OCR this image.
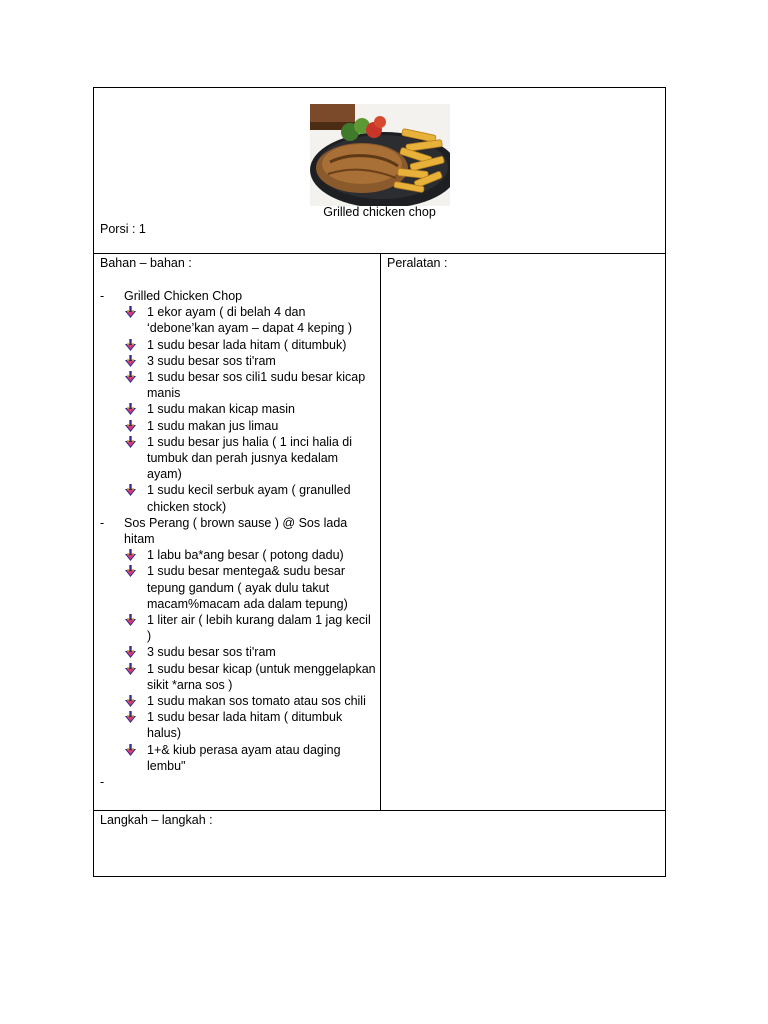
Grilled chicken chop
Porsi : 1
Bahan – bahan :
- Grilled Chicken Chop
1 ekor ayam ( di belah 4 dan ‘debone’kan ayam – dapat 4 keping )
1 sudu besar lada hitam ( ditumbuk)
3 sudu besar sos ti'ram
1 sudu besar sos cili1 sudu besar kicap manis
1 sudu makan kicap masin
1 sudu makan jus limau
1 sudu besar jus halia ( 1 inci halia di tumbuk dan perah jusnya kedalam ayam)
1 sudu kecil serbuk ayam ( granulled chicken stock)
- Sos Perang ( brown sause ) @ Sos lada hitam
1 labu ba*ang besar ( potong dadu)
1 sudu besar mentega& sudu besar tepung gandum ( ayak dulu takut macam%macam ada dalam tepung)
1 liter air ( lebih kurang dalam 1 jag kecil )
3 sudu besar sos ti'ram
1 sudu besar kicap (untuk menggelapkan sikit *arna sos )
1 sudu makan sos tomato atau sos chili
1 sudu besar lada hitam ( ditumbuk halus)
1+& kiub perasa ayam atau daging lembu"
-
Peralatan :
Langkah – langkah :
